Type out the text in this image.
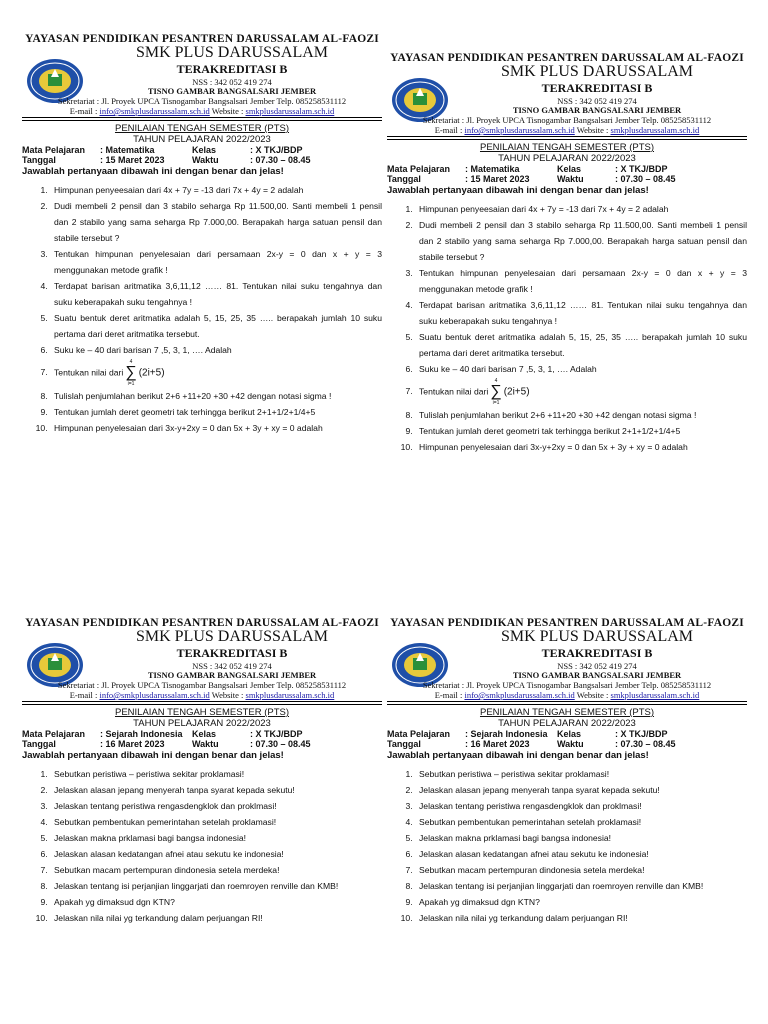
YAYASAN PENDIDIKAN PESANTREN DARUSSALAM AL-FAOZI
SMK PLUS DARUSSALAM
TERAKREDITASI B
NSS : 342 052 419 274
TISNO GAMBAR BANGSALSARI JEMBER
Sekretariat : Jl. Proyek UPCA Tisnogambar Bangsalsari Jember Telp. 085258531112
E-mail : info@smkplusdarussalam.sch.id Website : smkplusdarussalam.sch.id
PENILAIAN TENGAH SEMESTER (PTS)
TAHUN PELAJARAN 2022/2023
Mata Pelajaran	: Matematika	Kelas	: X TKJ/BDP
Tanggal	: 15 Maret 2023	Waktu	: 07.30 – 08.45
Jawablah pertanyaan dibawah ini dengan benar dan jelas!
1. Himpunan penyeesaian dari 4x + 7y = -13 dari 7x + 4y = 2 adalah
2. Dudi membeli 2 pensil dan 3 stabilo seharga Rp 11.500,00. Santi membeli 1 pensil dan 2 stabilo yang sama seharga Rp 7.000,00. Berapakah harga satuan pensil dan stabile tersebut ?
3. Tentukan himpunan penyelesaian dari persamaan 2x-y = 0 dan x + y = 3 menggunakan metode grafik !
4. Terdapat barisan aritmatika 3,6,11,12 …… 81. Tentukan nilai suku tengahnya dan suku keberapakah suku tengahnya !
5. Suatu bentuk deret aritmatika adalah 5, 15, 25, 35 ….. berapakah jumlah 10 suku pertama dari deret aritmatika tersebut.
6. Suku ke – 40 dari barisan 7 ,5, 3, 1, …. Adalah
7. Tentukan nilai dari
4
∑
i=1
(2i+5)
8. Tulislah penjumlahan berikut 2+6 +11+20 +30 +42 dengan notasi sigma !
9. Tentukan jumlah deret geometri tak terhingga berikut 2+1+1/2+1/4+5
10. Himpunan penyelesaian dari 3x-y+2xy = 0 dan 5x + 3y + xy = 0 adalah
YAYASAN PENDIDIKAN PESANTREN DARUSSALAM AL-FAOZI
SMK PLUS DARUSSALAM
TERAKREDITASI B
NSS : 342 052 419 274
TISNO GAMBAR BANGSALSARI JEMBER
Sekretariat : Jl. Proyek UPCA Tisnogambar Bangsalsari Jember Telp. 085258531112
E-mail : info@smkplusdarussalam.sch.id Website : smkplusdarussalam.sch.id
PENILAIAN TENGAH SEMESTER (PTS)
TAHUN PELAJARAN 2022/2023
Mata Pelajaran	: Matematika	Kelas	: X TKJ/BDP
Tanggal	: 15 Maret 2023	Waktu	: 07.30 – 08.45
Jawablah pertanyaan dibawah ini dengan benar dan jelas!
1. Himpunan penyeesaian dari 4x + 7y = -13 dari 7x + 4y = 2 adalah
2. Dudi membeli 2 pensil dan 3 stabilo seharga Rp 11.500,00. Santi membeli 1 pensil dan 2 stabilo yang sama seharga Rp 7.000,00. Berapakah harga satuan pensil dan stabile tersebut ?
3. Tentukan himpunan penyelesaian dari persamaan 2x-y = 0 dan x + y = 3 menggunakan metode grafik !
4. Terdapat barisan aritmatika 3,6,11,12 …… 81. Tentukan nilai suku tengahnya dan suku keberapakah suku tengahnya !
5. Suatu bentuk deret aritmatika adalah 5, 15, 25, 35 ….. berapakah jumlah 10 suku pertama dari deret aritmatika tersebut.
6. Suku ke – 40 dari barisan 7 ,5, 3, 1, …. Adalah
7. Tentukan nilai dari
4
∑
i=1
(2i+5)
8. Tulislah penjumlahan berikut 2+6 +11+20 +30 +42 dengan notasi sigma !
9. Tentukan jumlah deret geometri tak terhingga berikut 2+1+1/2+1/4+5
10. Himpunan penyelesaian dari 3x-y+2xy = 0 dan 5x + 3y + xy = 0 adalah
YAYASAN PENDIDIKAN PESANTREN DARUSSALAM AL-FAOZI
SMK PLUS DARUSSALAM
TERAKREDITASI B
NSS : 342 052 419 274
TISNO GAMBAR BANGSALSARI JEMBER
Sekretariat : Jl. Proyek UPCA Tisnogambar Bangsalsari Jember Telp. 085258531112
E-mail : info@smkplusdarussalam.sch.id Website : smkplusdarussalam.sch.id
PENILAIAN TENGAH SEMESTER (PTS)
TAHUN PELAJARAN 2022/2023
Mata Pelajaran	: Sejarah Indonesia	Kelas	: X TKJ/BDP
Tanggal	: 16 Maret 2023	Waktu	: 07.30 – 08.45
Jawablah pertanyaan dibawah ini dengan benar dan jelas!
1. Sebutkan peristiwa – peristiwa sekitar proklamasi!
2. Jelaskan alasan jepang menyerah tanpa syarat kepada sekutu!
3. Jelaskan tentang peristiwa rengasdengklok dan proklmasi!
4. Sebutkan pembentukan pemerintahan setelah proklamasi!
5. Jelaskan makna prklamasi bagi bangsa indonesia!
6. Jelaskan alasan kedatangan afnei atau sekutu ke indonesia!
7. Sebutkan macam pertempuran dindonesia setela merdeka!
8. Jelaskan tentang isi perjanjian linggarjati dan roemroyen renville dan KMB!
9. Apakah yg dimaksud dgn KTN?
10. Jelaskan nila nilai yg terkandung dalam perjuangan RI!
YAYASAN PENDIDIKAN PESANTREN DARUSSALAM AL-FAOZI
SMK PLUS DARUSSALAM
TERAKREDITASI B
NSS : 342 052 419 274
TISNO GAMBAR BANGSALSARI JEMBER
Sekretariat : Jl. Proyek UPCA Tisnogambar Bangsalsari Jember Telp. 085258531112
E-mail : info@smkplusdarussalam.sch.id Website : smkplusdarussalam.sch.id
PENILAIAN TENGAH SEMESTER (PTS)
TAHUN PELAJARAN 2022/2023
Mata Pelajaran	: Sejarah Indonesia	Kelas	: X TKJ/BDP
Tanggal	: 16 Maret 2023	Waktu	: 07.30 – 08.45
Jawablah pertanyaan dibawah ini dengan benar dan jelas!
1. Sebutkan peristiwa – peristiwa sekitar proklamasi!
2. Jelaskan alasan jepang menyerah tanpa syarat kepada sekutu!
3. Jelaskan tentang peristiwa rengasdengklok dan proklmasi!
4. Sebutkan pembentukan pemerintahan setelah proklamasi!
5. Jelaskan makna prklamasi bagi bangsa indonesia!
6. Jelaskan alasan kedatangan afnei atau sekutu ke indonesia!
7. Sebutkan macam pertempuran dindonesia setela merdeka!
8. Jelaskan tentang isi perjanjian linggarjati dan roemroyen renville dan KMB!
9. Apakah yg dimaksud dgn KTN?
10. Jelaskan nila nilai yg terkandung dalam perjuangan RI!
